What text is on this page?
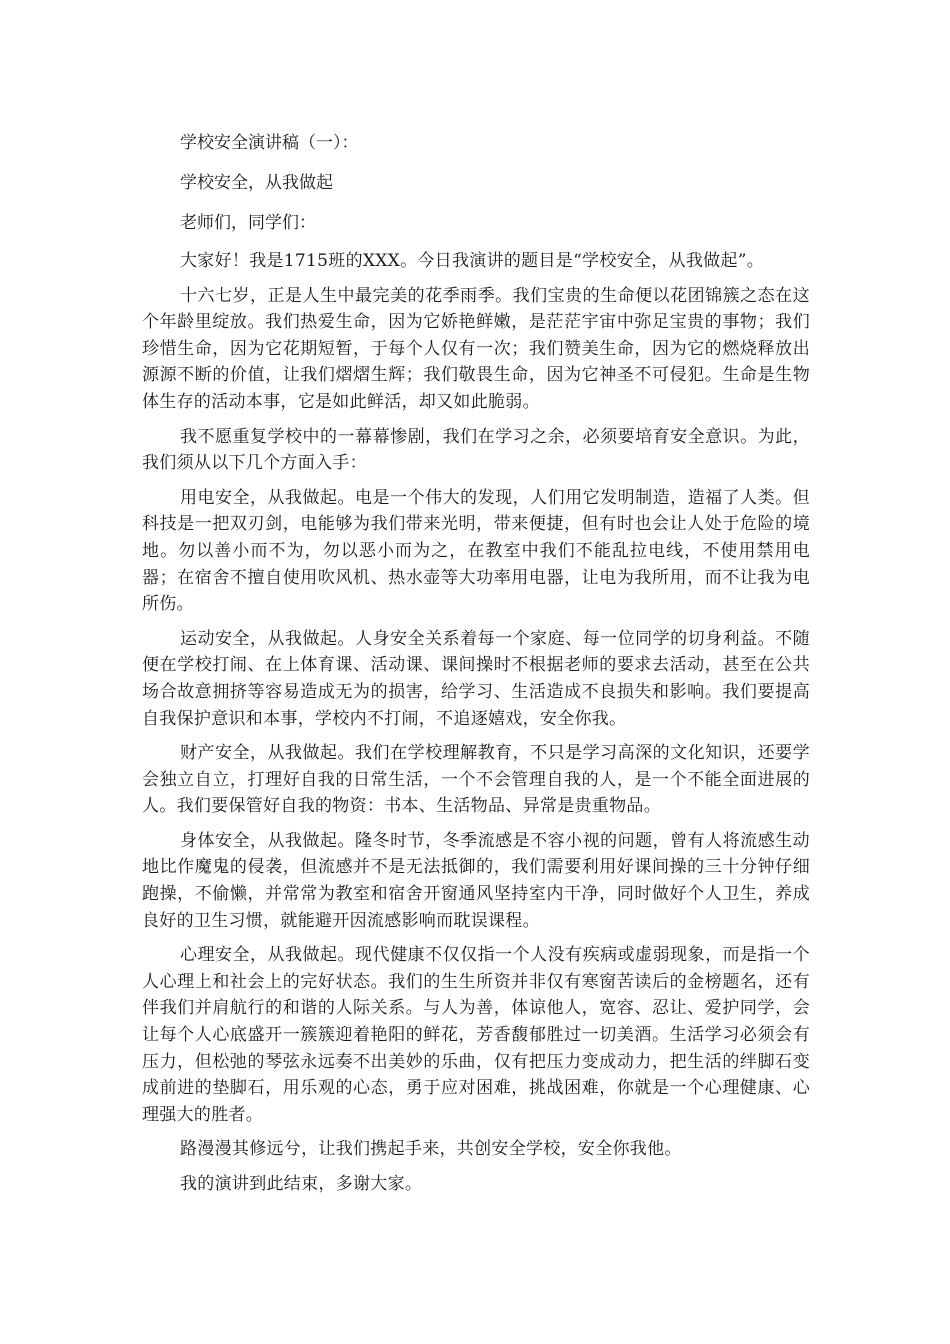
学校安全演讲稿（一）：
学校安全，从我做起
老师们，同学们：

大家好！我是1715班的XXX。今日我演讲的题目是“学校安全，从我做起”。

十六七岁，正是人生中最完美的花季雨季。我们宝贵的生命便以花团锦簇之态在这个年龄里绽放。我们热爱生命，因为它娇艳鲜嫩，是茫茫宇宙中弥足宝贵的事物；我们珍惜生命，因为它花期短暂，于每个人仅有一次；我们赞美生命，因为它的燃烧释放出源源不断的价值，让我们熠熠生辉；我们敬畏生命，因为它神圣不可侵犯。生命是生物体生存的活动本事，它是如此鲜活，却又如此脆弱。

我不愿重复学校中的一幕幕惨剧，我们在学习之余，必须要培育安全意识。为此，我们须从以下几个方面入手：

用电安全，从我做起。电是一个伟大的发现，人们用它发明制造，造福了人类。但科技是一把双刃剑，电能够为我们带来光明，带来便捷，但有时也会让人处于危险的境地。勿以善小而不为，勿以恶小而为之，在教室中我们不能乱拉电线，不使用禁用电器；在宿舍不擅自使用吹风机、热水壶等大功率用电器，让电为我所用，而不让我为电所伤。

运动安全，从我做起。人身安全关系着每一个家庭、每一位同学的切身利益。不随便在学校打闹、在上体育课、活动课、课间操时不根据老师的要求去活动，甚至在公共场合故意拥挤等容易造成无为的损害，给学习、生活造成不良损失和影响。我们要提高自我保护意识和本事，学校内不打闹，不追逐嬉戏，安全你我。

财产安全，从我做起。我们在学校理解教育，不只是学习高深的文化知识，还要学会独立自立，打理好自我的日常生活，一个不会管理自我的人，是一个不能全面进展的人。我们要保管好自我的物资：书本、生活物品、异常是贵重物品。

身体安全，从我做起。隆冬时节，冬季流感是不容小视的问题，曾有人将流感生动地比作魔鬼的侵袭，但流感并不是无法抵御的，我们需要利用好课间操的三十分钟仔细跑操，不偷懒，并常常为教室和宿舍开窗通风坚持室内干净，同时做好个人卫生，养成良好的卫生习惯，就能避开因流感影响而耽误课程。

心理安全，从我做起。现代健康不仅仅指一个人没有疾病或虚弱现象，而是指一个人心理上和社会上的完好状态。我们的生生所资并非仅有寒窗苦读后的金榜题名，还有伴我们并肩航行的和谐的人际关系。与人为善，体谅他人，宽容、忍让、爱护同学，会让每个人心底盛开一簇簇迎着艳阳的鲜花，芳香馥郁胜过一切美酒。生活学习必须会有压力，但松弛的琴弦永远奏不出美妙的乐曲，仅有把压力变成动力，把生活的绊脚石变成前进的垫脚石，用乐观的心态，勇于应对困难，挑战困难，你就是一个心理健康、心理强大的胜者。

路漫漫其修远兮，让我们携起手来，共创安全学校，安全你我他。

我的演讲到此结束，多谢大家。
